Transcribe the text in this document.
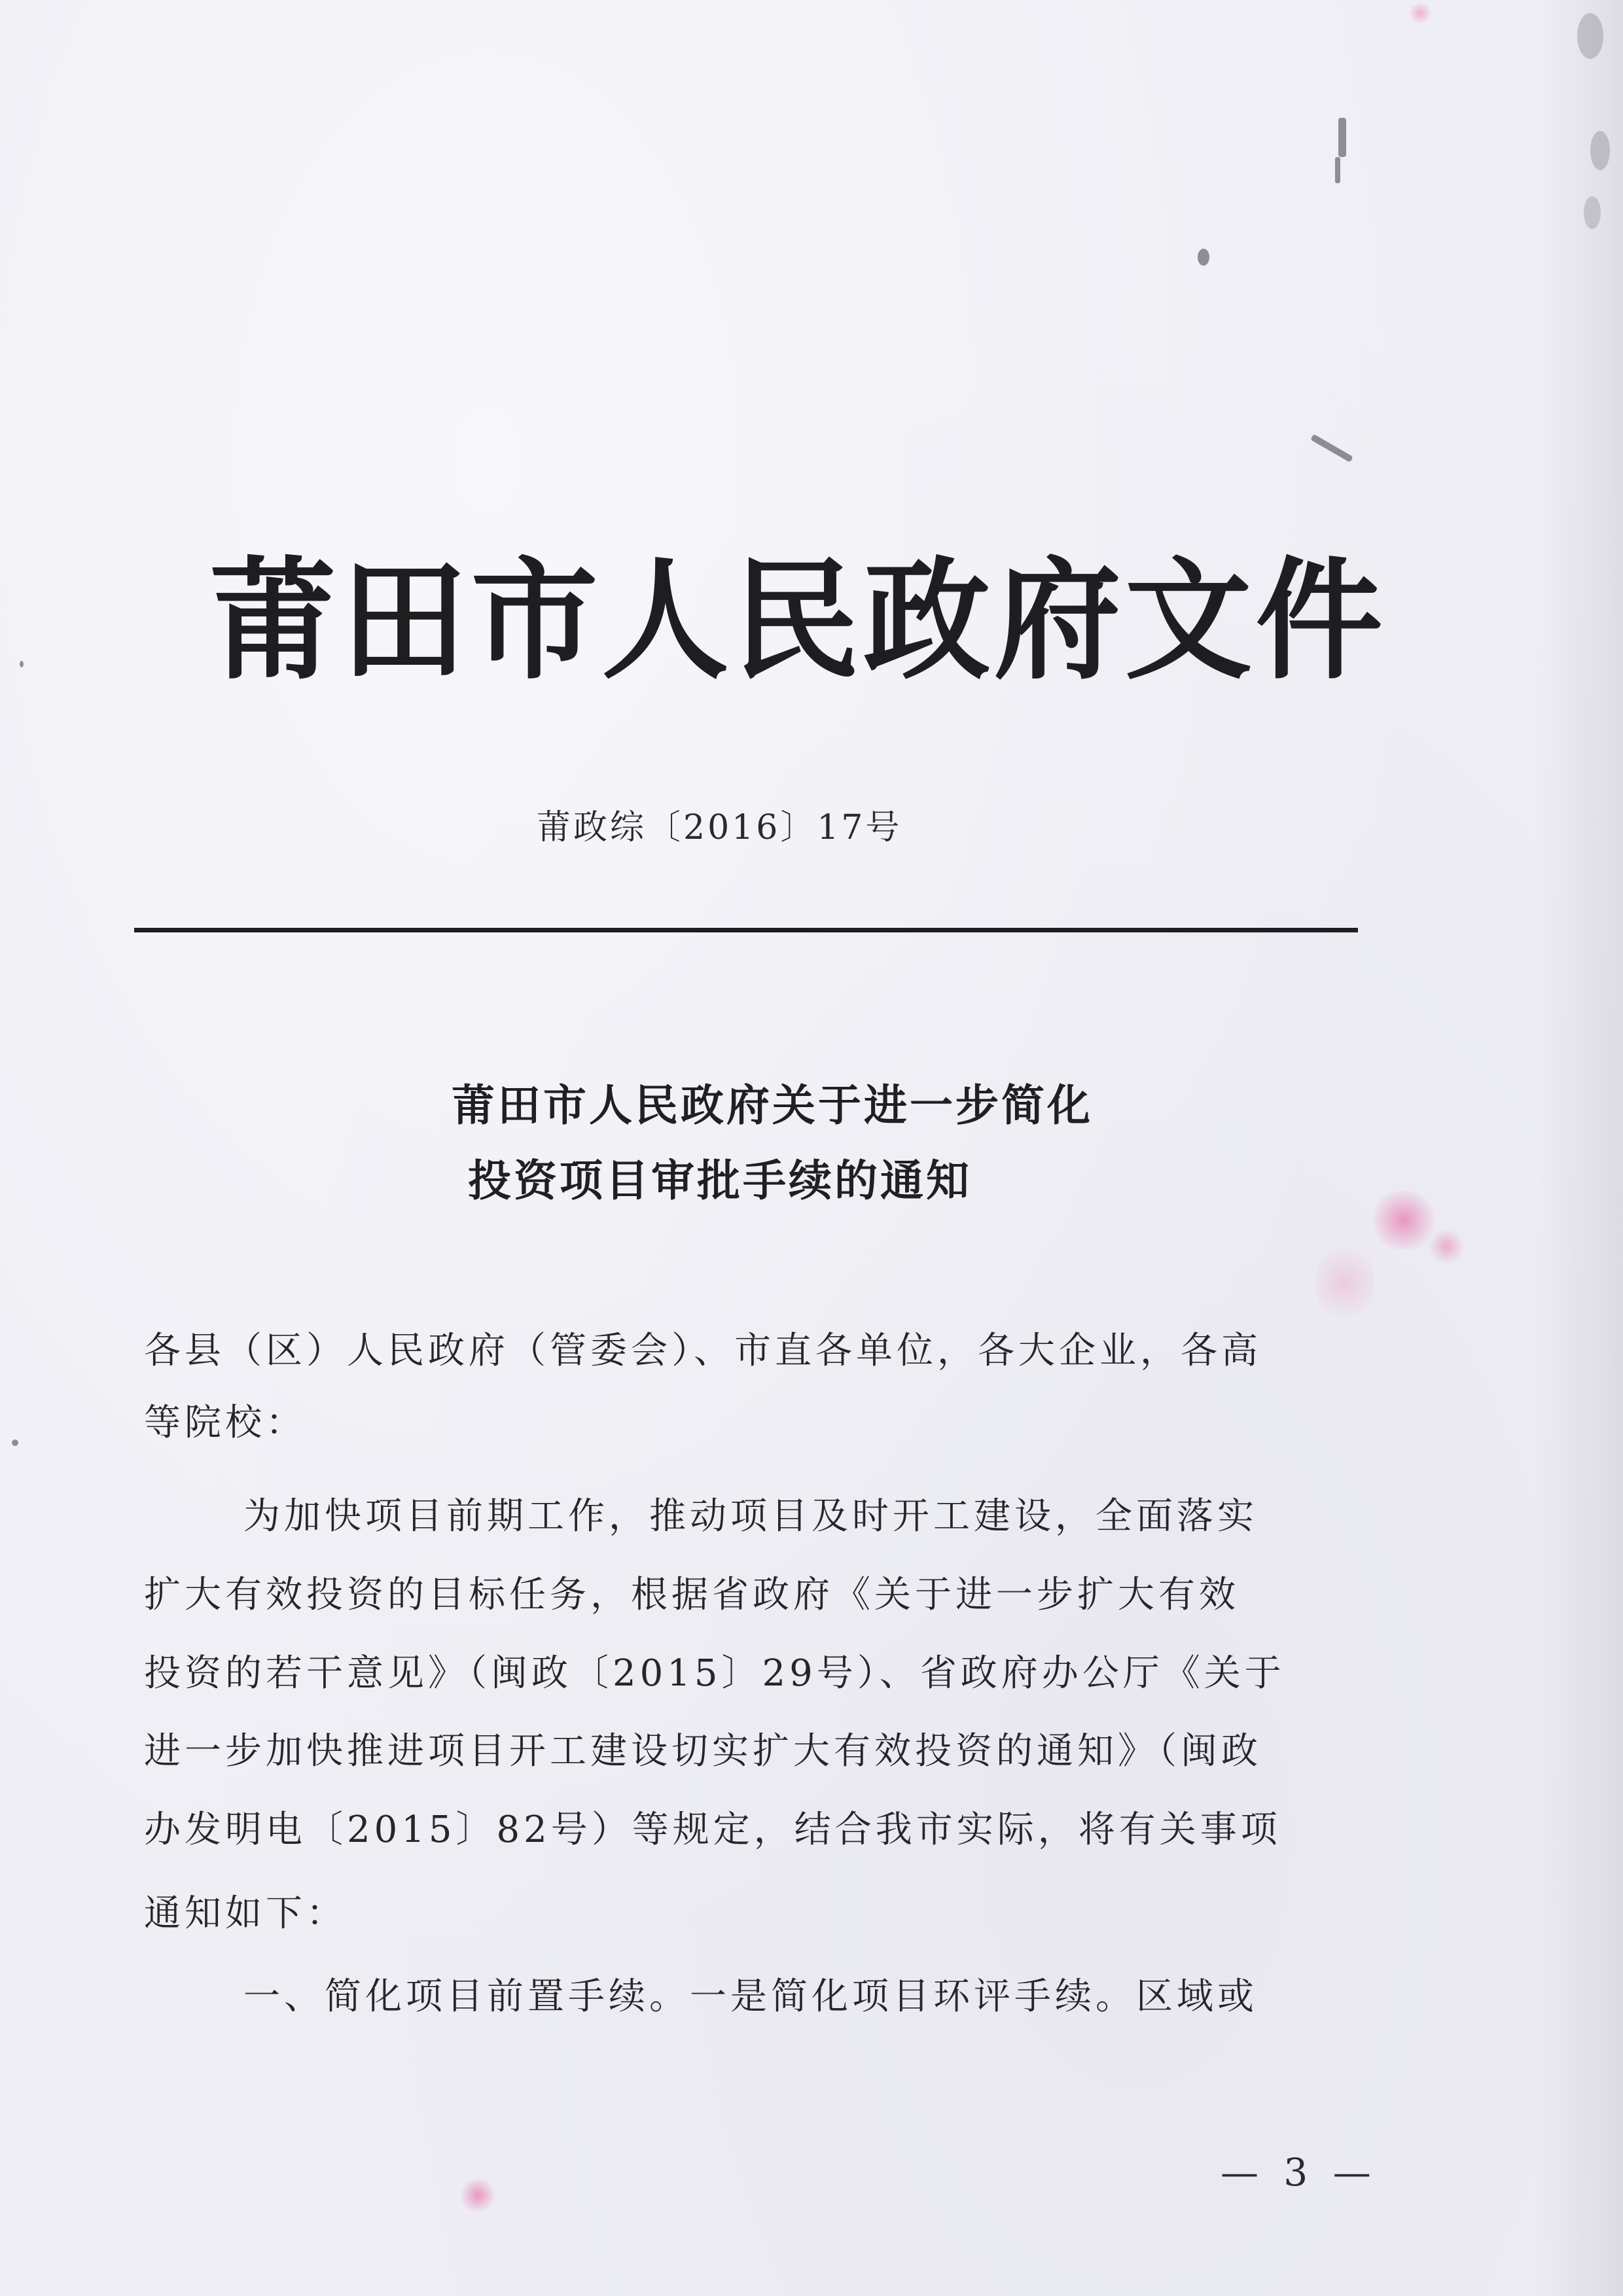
莆田市人民政府文件
莆政综〔2016〕17号
莆田市人民政府关于进一步简化
投资项目审批手续的通知
各县（区）人民政府（管委会）、市直各单位，各大企业，各高
等院校：
为加快项目前期工作，推动项目及时开工建设，全面落实
扩大有效投资的目标任务，根据省政府《关于进一步扩大有效
投资的若干意见》（闽政〔2015〕29号）、省政府办公厅《关于
进一步加快推进项目开工建设切实扩大有效投资的通知》（闽政
办发明电〔2015〕82号）等规定，结合我市实际，将有关事项
通知如下：
一、简化项目前置手续。一是简化项目环评手续。区域或
— 3 —
